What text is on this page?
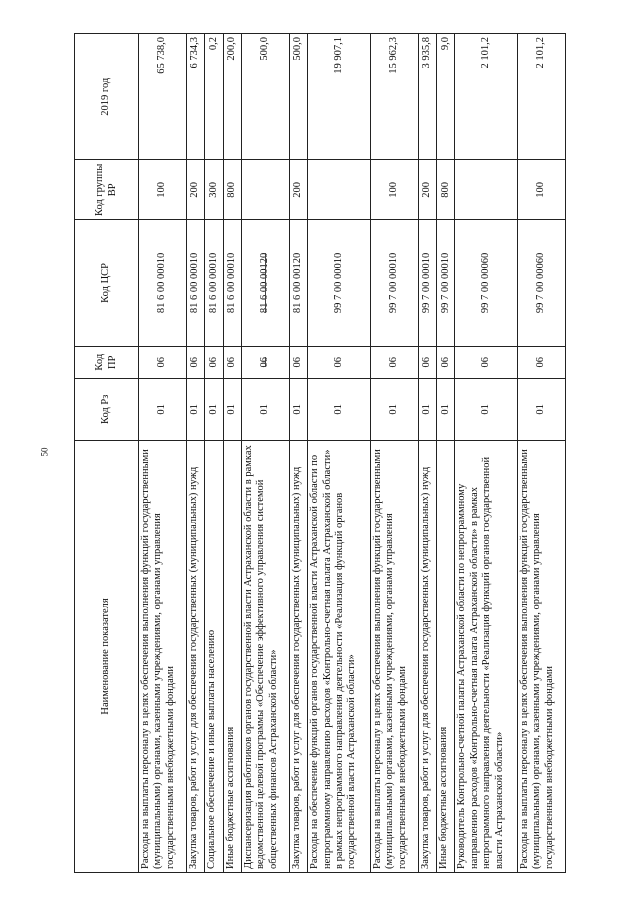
50
Наименование показателя	Код Рз	Код ПР	Код ЦСР	Код группы ВР	2019 год
Расходы на выплаты персоналу в целях обеспечения выполнения функций государственными (муниципальными) органами, казенными учреждениями, органами управления государственными внебюджетными фондами	01	06	81 6 00 00010	100	65 738,0
Закупка товаров, работ и услуг для обеспечения государственных (муниципальных) нужд	01	06	81 6 00 00010	200	6 734,3
Социальное обеспечение и иные выплаты населению	01	06	81 6 00 00010	300	0,2
Иные бюджетные ассигнования	01	06	81 6 00 00010	800	200,0
Диспансеризация работников органов государственной власти Астраханской области в рамках ведомственной целевой программы «Обеспечение эффективного управления системой общественных финансов Астраханской области»	01	06	81 6 00 00120		500,0
Закупка товаров, работ и услуг для обеспечения государственных (муниципальных) нужд	01	06	81 6 00 00120	200	500,0
Расходы на обеспечение функций органов государственной власти Астраханской области по непрограммному направлению расходов «Контрольно-счетная палата Астраханской области» в рамках непрограммного направления деятельности «Реализация функций органов государственной власти Астраханской области»	01	06	99 7 00 00010		19 907,1
Расходы на выплаты персоналу в целях обеспечения выполнения функций государственными (муниципальными) органами, казенными учреждениями, органами управления государственными внебюджетными фондами	01	06	99 7 00 00010	100	15 962,3
Закупка товаров, работ и услуг для обеспечения государственных (муниципальных) нужд	01	06	99 7 00 00010	200	3 935,8
Иные бюджетные ассигнования	01	06	99 7 00 00010	800	9,0
Руководитель Контрольно-счетной палаты Астраханской области по непрограммному направлению расходов «Контрольно-счетная палата Астраханской области» в рамках непрограммного направления деятельности «Реализация функций органов государственной власти Астраханской области»	01	06	99 7 00 00060		2 101,2
Расходы на выплаты персоналу в целях обеспечения выполнения функций государственными (муниципальными) органами, казенными учреждениями, органами управления государственными внебюджетными фондами	01	06	99 7 00 00060	100	2 101,2
